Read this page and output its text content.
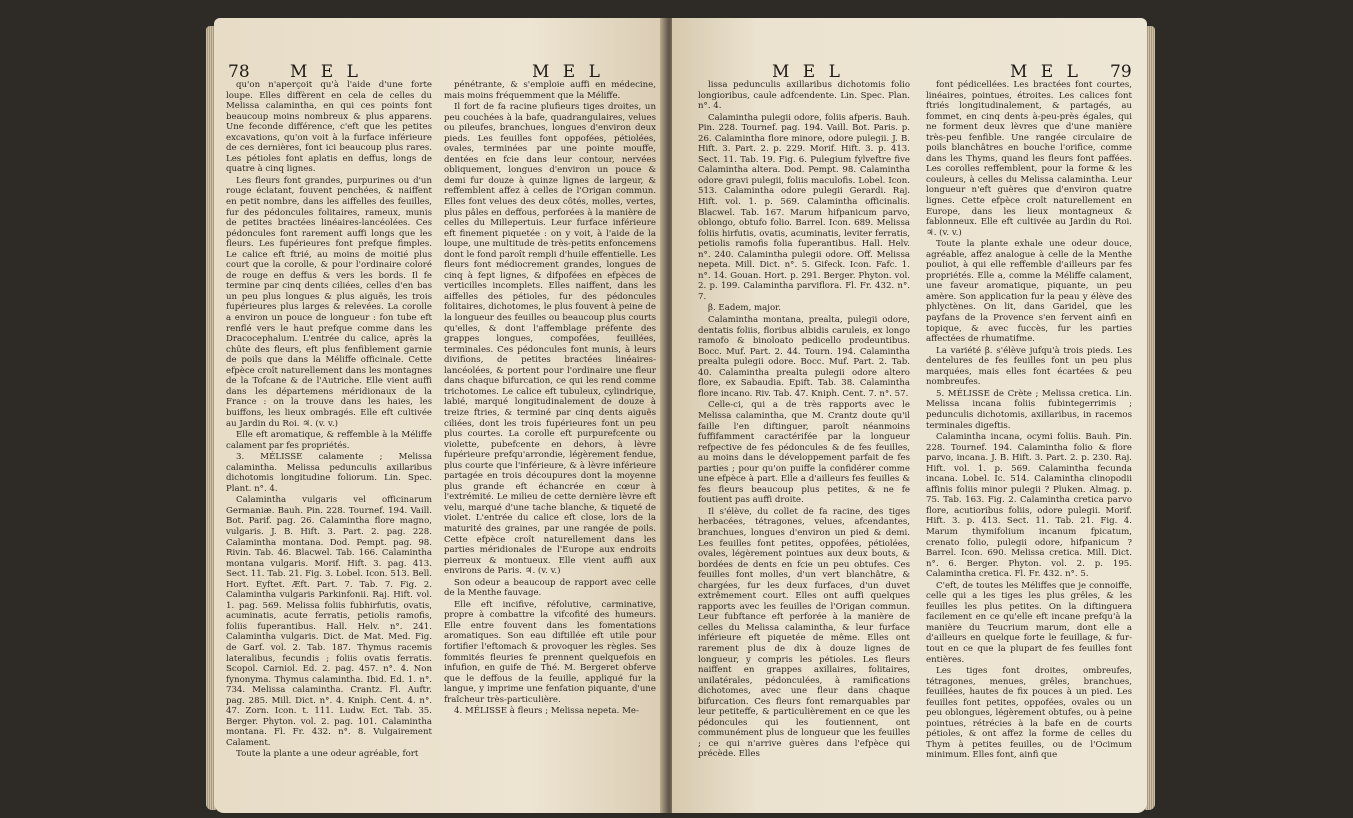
78 M E L	M E L

qu'on n'aperçoit qu'à l'aide d'une forte loupe. Elles diffèrent en cela de celles du Melissa calamintha, en qui ces points font beaucoup moins nombreux & plus apparens. Une feconde différence, c'eft que les petites excavations, qu'on voit à la furface inférieure de ces dernières, font ici beaucoup plus rares. Les pétioles font aplatis en deffus, longs de quatre à cinq lignes.

Les fleurs font grandes, purpurines ou d'un rouge éclatant, fouvent penchées, & naiffent en petit nombre, dans les aiffelles des feuilles, fur des pédoncules folitaires, rameux, munis de petites bractées linéaires-lancéolées. Ces pédoncules font rarement auffi longs que les fleurs. Les fupérieures font prefque fimples. Le calice eft ftrié, au moins de moitié plus court que la corolle, & pour l'ordinaire coloré de rouge en deffus & vers les bords. Il fe termine par cinq dents ciliées, celles d'en bas un peu plus longues & plus aiguës, les trois fupérieures plus larges & relevées. La corolle a environ un pouce de longueur : fon tube eft renflé vers le haut prefque comme dans les Dracocephalum. L'entrée du calice, après la chûte des fleurs, eft plus fenfiblement garnie de poils que dans la Méliffe officinale. Cette efpèce croît naturellement dans les montagnes de la Tofcane & de l'Autriche. Elle vient auffi dans les départemens méridionaux de la France : on la trouve dans les haies, les buiffons, les lieux ombragés. Elle eft cultivée au Jardin du Roi. ♃. (v. v.)

Elle eft aromatique, & reffemble à la Méliffe calament par fes propriétés.

3. MÉLISSE calamente ; Melissa calamintha. Melissa pedunculis axillaribus dichotomis longitudine foliorum. Lin. Spec. Plant. n°. 4.

Calamintha vulgaris vel officinarum Germaniæ. Bauh. Pin. 228. Tournef. 194. Vaill. Bot. Parif. pag. 26. Calamintha flore magno, vulgaris. J. B. Hift. 3. Part. 2. pag. 228. Calamintha montana. Dod. Pempt. pag. 98. Rivin. Tab. 46. Blacwel. Tab. 166. Calamintha montana vulgaris. Morif. Hift. 3. pag. 413. Sect. 11. Tab. 21. Fig. 3. Lobel. Icon. 513. Bell. Hort. Eyftet. Æft. Part. 7. Tab. 7. Fig. 2. Calamintha vulgaris Parkinfonii. Raj. Hift. vol. 1. pag. 569. Melissa foliis fubhirfutis, ovatis, acuminatis, acute ferratis, petiolis ramofis, foliis fuperantibus. Hall. Helv. n°. 241. Calamintha vulgaris. Dict. de Mat. Med. Fig. de Garf. vol. 2. Tab. 187. Thymus racemis lateralibus, fecundis ; foliis ovatis ferratis. Scopol. Carniol. Ed. 2. pag. 457. n°. 4. Non fynonyma. Thymus calamintha. Ibid. Ed. 1. n°. 734. Melissa calamintha. Crantz. Fl. Auftr. pag. 285. Mill. Dict. n°. 4. Kniph. Cent. 4. n°. 47. Zorn. Icon. t. 111. Ludw. Ect. Tab. 35. Berger. Phyton. vol. 2. pag. 101. Calamintha montana. Fl. Fr. 432. n°. 8. Vulgairement Calament.

Toute la plante a une odeur agréable, fort

pénétrante, & s'emploie auffi en médecine, mais moins fréquemment que la Méliffe.

Il fort de fa racine plufieurs tiges droites, un peu couchées à la bafe, quadrangulaires, velues ou pileufes, branchues, longues d'environ deux pieds. Les feuilles font oppofées, pétiolées, ovales, terminées par une pointe mouffe, dentées en fcie dans leur contour, nervées obliquement, longues d'environ un pouce & demi fur douze à quinze lignes de largeur, & reffemblent affez à celles de l'Origan commun. Elles font velues des deux côtés, molles, vertes, plus pâles en deffous, perforées à la manière de celles du Millepertuis. Leur furface inférieure eft finement piquetée : on y voit, à l'aide de la loupe, une multitude de très-petits enfoncemens dont le fond paroît rempli d'huile effentielle. Les fleurs font médiocrement grandes, longues de cinq à fept lignes, & difpofées en efpèces de verticilles incomplets. Elles naiffent, dans les aiffelles des pétioles, fur des pédoncules folitaires, dichotomes, le plus fouvent à peine de la longueur des feuilles ou beaucoup plus courts qu'elles, & dont l'affemblage préfente des grappes longues, compofées, feuillées, terminales. Ces pédoncules font munis, à leurs divifions, de petites bractées linéaires-lancéolées, & portent pour l'ordinaire une fleur dans chaque bifurcation, ce qui les rend comme trichotomes. Le calice eft tubuleux, cylindrique, labié, marqué longitudinalement de douze à treize ftries, & terminé par cinq dents aiguës ciliées, dont les trois fupérieures font un peu plus courtes. La corolle eft purpurefcente ou violette, pubefcente en dehors, à lèvre fupérieure prefqu'arrondie, légèrement fendue, plus courte que l'inférieure, & à lèvre inférieure partagée en trois découpures dont la moyenne plus grande eft échancrée en cœur à l'extrémité. Le milieu de cette dernière lèvre eft velu, marqué d'une tache blanche, & tiqueté de violet. L'entrée du calice eft close, lors de la maturité des graines, par une rangée de poils. Cette efpèce croît naturellement dans les parties méridionales de l'Europe aux endroits pierreux & montueux. Elle vient auffi aux environs de Paris. ♃. (v. v.)

Son odeur a beaucoup de rapport avec celle de la Menthe fauvage.

Elle eft incifive, réfolutive, carminative, propre à combattre la vifcofité des humeurs. Elle entre fouvent dans les fomentations aromatiques. Son eau diftillée eft utile pour fortifier l'eftomach & provoquer les règles. Ses fommités fleuries fe prennent quelquefois en infufion, en guife de Thé. M. Bergeret obferve que le deffous de la feuille, appliqué fur la langue, y imprime une fenfation piquante, d'une fraîcheur très-particulière.

4. MÉLISSE à fleurs ; Melissa nepeta. Me-

M E L	M E L 79

lissa pedunculis axillaribus dichotomis folio longioribus, caule adfcendente. Lin. Spec. Plan. n°. 4.

Calamintha pulegii odore, foliis afperis. Bauh. Pin. 228. Tournef. pag. 194. Vaill. Bot. Paris. p. 26. Calamintha flore minore, odore pulegii. J. B. Hift. 3. Part. 2. p. 229. Morif. Hift. 3. p. 413. Sect. 11. Tab. 19. Fig. 6. Pulegium fylveftre five Calamintha altera. Dod. Pempt. 98. Calamintha odore gravi pulegii, foliis maculofis. Lobel. Icon. 513. Calamintha odore pulegii Gerardi. Raj. Hift. vol. 1. p. 569. Calamintha officinalis. Blacwel. Tab. 167. Marum hifpanicum parvo, oblongo, obtufo folio. Barrel. Icon. 689. Melissa foliis hirfutis, ovatis, acuminatis, leviter ferratis, petiolis ramofis folia fuperantibus. Hall. Helv. n°. 240. Calamintha pulegii odore. Off. Melissa nepeta. Mill. Dict. n°. 5. Gifeck. Icon. Fafc. 1. n°. 14. Gouan. Hort. p. 291. Berger. Phyton. vol. 2. p. 199. Calamintha parviflora. Fl. Fr. 432. n°. 7.

β. Eadem, major.

Calamintha montana, prealta, pulegii odore, dentatis foliis, floribus albidis caruleis, ex longo ramofo & binoloato pedicello prodeuntibus. Bocc. Muf. Part. 2. 44. Tourn. 194. Calamintha prealta pulegii odore. Bocc. Muf. Part. 2. Tab. 40. Calamintha prealta pulegii odore altero flore, ex Sabaudia. Epift. Tab. 38. Calamintha flore incano. Riv. Tab. 47. Kniph. Cent. 7. n°. 57.

Celle-ci, qui a de très rapports avec le Melissa calamintha, que M. Crantz doute qu'il faille l'en diftinguer, paroît néanmoins fuffifamment caractérifée par la longueur refpective de fes pédoncules & de fes feuilles, au moins dans le développement parfait de fes parties ; pour qu'on puiffe la confidérer comme une efpèce à part. Elle a d'ailleurs fes feuilles & fes fleurs beaucoup plus petites, & ne fe foutient pas auffi droite.

Il s'élève, du collet de fa racine, des tiges herbacées, tétragones, velues, afcendantes, branchues, longues d'environ un pied & demi. Les feuilles font petites, oppofées, pétiolées, ovales, légèrement pointues aux deux bouts, & bordées de dents en fcie un peu obtufes. Ces feuilles font molles, d'un vert blanchâtre, & chargées, fur les deux furfaces, d'un duvet extrêmement court. Elles ont auffi quelques rapports avec les feuilles de l'Origan commun. Leur fubftance eft perforée à la manière de celles du Melissa calamintha, & leur furface inférieure eft piquetée de même. Elles ont rarement plus de dix à douze lignes de longueur, y compris les pétioles. Les fleurs naiffent en grappes axillaires, folitaires, unilatérales, pédonculées, à ramifications dichotomes, avec une fleur dans chaque bifurcation. Ces fleurs font remarquables par leur petiteffe, & particulièrement en ce que les pédoncules qui les foutiennent, ont communément plus de longueur que les feuilles ; ce qui n'arrive guères dans l'efpèce qui précède. Elles

font pédicellées. Les bractées font courtes, linéaires, pointues, étroites. Les calices font ftriés longitudinalement, & partagés, au fommet, en cinq dents à-peu-près égales, qui ne forment deux lèvres que d'une manière très-peu fenfible. Une rangée circulaire de poils blanchâtres en bouche l'orifice, comme dans les Thyms, quand les fleurs font paffées. Les corolles reffemblent, pour la forme & les couleurs, à celles du Melissa calamintha. Leur longueur n'eft guères que d'environ quatre lignes. Cette efpèce croît naturellement en Europe, dans les lieux montagneux & fablonneux. Elle eft cultivée au Jardin du Roi. ♃. (v. v.)

Toute la plante exhale une odeur douce, agréable, affez analogue à celle de la Menthe pouliot, à qui elle reffemble d'ailleurs par fes propriétés. Elle a, comme la Méliffe calament, une faveur aromatique, piquante, un peu amère. Son application fur la peau y élève des phlyctènes. On lit, dans Garidel, que les payfans de la Provence s'en fervent ainfi en topique, & avec fuccès, fur les parties affectées de rhumatifme.

La variété β. s'élève jufqu'à trois pieds. Les dentelures de fes feuilles font un peu plus marquées, mais elles font écartées & peu nombreufes.

5. MÉLISSE de Crète ; Melissa cretica. Lin. Melissa incana foliis fubintegerrimis ; pedunculis dichotomis, axillaribus, in racemos terminales digeftis.

Calamintha incana, ocymi foliis. Bauh. Pin. 228. Tournef. 194. Calamintha folio & flore parvo, incana. J. B. Hift. 3. Part. 2. p. 230. Raj. Hift. vol. 1. p. 569. Calamintha fecunda incana. Lobel. Ic. 514. Calamintha clinopodii affinis foliis minor pulegii ? Pluken. Almag. p. 75. Tab. 163. Fig. 2. Calamintha cretica parvo flore, acutioribus foliis, odore pulegii. Morif. Hift. 3. p. 413. Sect. 11. Tab. 21. Fig. 4. Marum thymifolium incanum fpicatum, crenato folio, pulegii odore, hifpanicum ? Barrel. Icon. 690. Melissa cretica. Mill. Dict. n°. 6. Berger. Phyton. vol. 2. p. 195. Calamintha cretica. Fl. Fr. 432. n°. 5.

C'eft, de toutes les Méliffes que je connoiffe, celle qui a les tiges les plus grêles, & les feuilles les plus petites. On la diftinguera facilement en ce qu'elle eft incane prefqu'à la manière du Teucrium marum, dont elle a d'ailleurs en quelque forte le feuillage, & fur-tout en ce que la plupart de fes feuilles font entières.

Les tiges font droites, ombreufes, tétragones, menues, grêles, branchues, feuillées, hautes de fix pouces à un pied. Les feuilles font petites, oppofées, ovales ou un peu oblongues, légèrement obtufes, ou à peine pointues, rétrécies à la bafe en de courts pétioles, & ont affez la forme de celles du Thym à petites feuilles, ou de l'Ocimum minimum. Elles font, ainfi que
